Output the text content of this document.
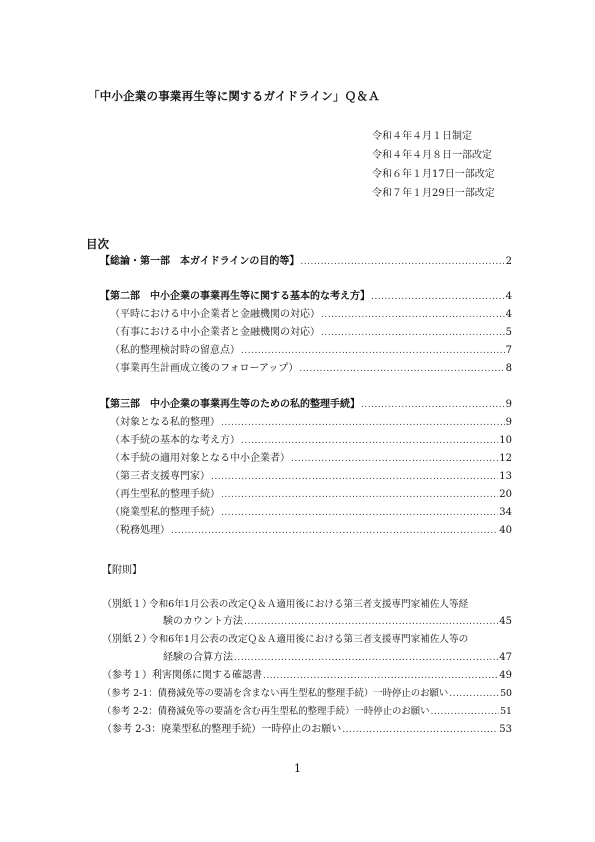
「中小企業の事業再生等に関するガイドライン」Ｑ＆Ａ
令和４年４月１日制定
令和４年４月８日一部改定
令和６年１月17日一部改定
令和７年１月29日一部改定
目次
【総論・第一部　本ガイドラインの目的等】 .....	2
【第二部　中小企業の事業再生等に関する基本的な考え方】 .....	4
（平時における中小企業者と金融機関の対応） .....	4
（有事における中小企業者と金融機関の対応） .....	5
（私的整理検討時の留意点） .....	7
（事業再生計画成立後のフォローアップ） .....	8
【第三部　中小企業の事業再生等のための私的整理手続】 .....	9
（対象となる私的整理） .....	9
（本手続の基本的な考え方） .....	10
（本手続の適用対象となる中小企業者） .....	12
（第三者支援専門家） .....	13
（再生型私的整理手続） .....	20
（廃業型私的整理手続） .....	34
（税務処理） .....	40
【附則】
（別紙１）
令和6年1月公表の改定Ｑ＆Ａ適用後における第三者支援専門家補佐人等経
験のカウント方法 .....	45
（別紙２）
令和6年1月公表の改定Ｑ＆Ａ適用後における第三者支援専門家補佐人等の
経験の合算方法 .....	47
（参考１）利害関係に関する確認書 .....	49
（参考 2-1：債務減免等の要請を含まない再生型私的整理手続）一時停止のお願い .....	50
（参考 2-2：債務減免等の要請を含む再生型私的整理手続）一時停止のお願い .....	51
（参考 2-3：廃業型私的整理手続）一時停止のお願い .....	53
1
